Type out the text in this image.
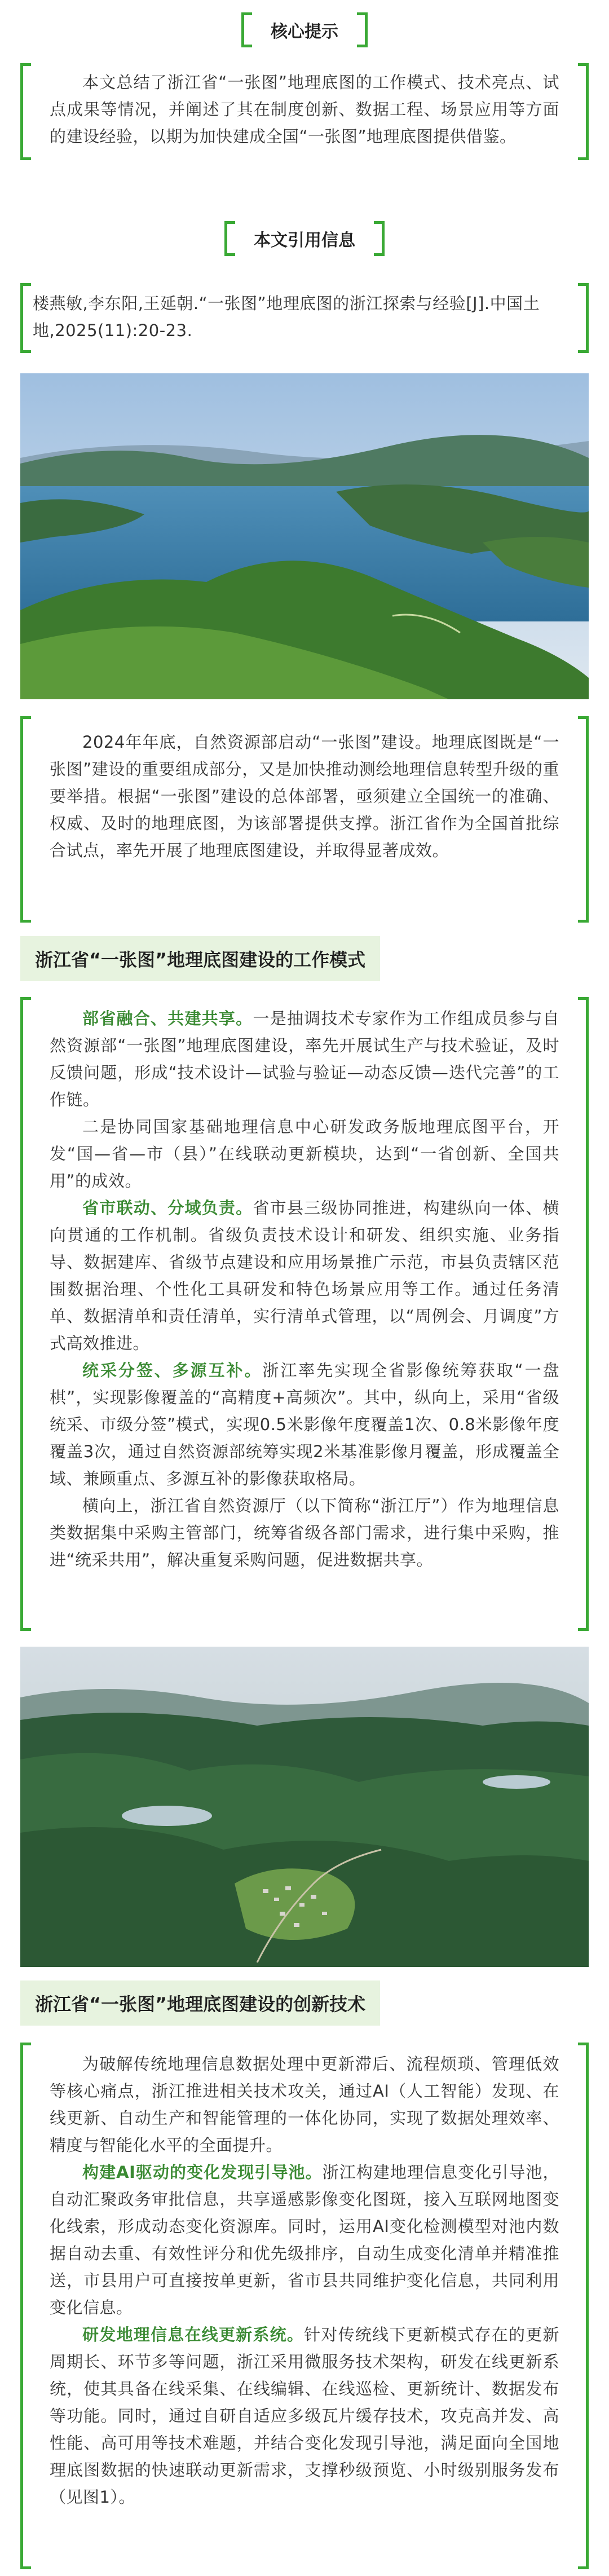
核心提示

本文总结了浙江省“一张图”地理底图的工作模式、技术亮点、试点成果等情况，并阐述了其在制度创新、数据工程、场景应用等方面的建设经验，以期为加快建成全国“一张图”地理底图提供借鉴。

本文引用信息

楼燕敏,李东阳,王延朝.“一张图”地理底图的浙江探索与经验[J].中国土地,2025(11):20-23.

2024年年底，自然资源部启动“一张图”建设。地理底图既是“一张图”建设的重要组成部分，又是加快推动测绘地理信息转型升级的重要举措。根据“一张图”建设的总体部署，亟须建立全国统一的准确、权威、及时的地理底图，为该部署提供支撑。浙江省作为全国首批综合试点，率先开展了地理底图建设，并取得显著成效。

浙江省“一张图”地理底图建设的工作模式

部省融合、共建共享。一是抽调技术专家作为工作组成员参与自然资源部“一张图”地理底图建设，率先开展试生产与技术验证，及时反馈问题，形成“技术设计—试验与验证—动态反馈—迭代完善”的工作链。

二是协同国家基础地理信息中心研发政务版地理底图平台，开发“国—省—市（县）”在线联动更新模块，达到“一省创新、全国共用”的成效。

省市联动、分域负责。省市县三级协同推进，构建纵向一体、横向贯通的工作机制。省级负责技术设计和研发、组织实施、业务指导、数据建库、省级节点建设和应用场景推广示范，市县负责辖区范围数据治理、个性化工具研发和特色场景应用等工作。通过任务清单、数据清单和责任清单，实行清单式管理，以“周例会、月调度”方式高效推进。

统采分签、多源互补。浙江率先实现全省影像统筹获取“一盘棋”，实现影像覆盖的“高精度+高频次”。其中，纵向上，采用“省级统采、市级分签”模式，实现0.5米影像年度覆盖1次、0.8米影像年度覆盖3次，通过自然资源部统筹实现2米基准影像月覆盖，形成覆盖全域、兼顾重点、多源互补的影像获取格局。

横向上，浙江省自然资源厅（以下简称“浙江厅”）作为地理信息类数据集中采购主管部门，统筹省级各部门需求，进行集中采购，推进“统采共用”，解决重复采购问题，促进数据共享。

浙江省“一张图”地理底图建设的创新技术

为破解传统地理信息数据处理中更新滞后、流程烦琐、管理低效等核心痛点，浙江推进相关技术攻关，通过AI（人工智能）发现、在线更新、自动生产和智能管理的一体化协同，实现了数据处理效率、精度与智能化水平的全面提升。

构建AI驱动的变化发现引导池。浙江构建地理信息变化引导池，自动汇聚政务审批信息，共享遥感影像变化图斑，接入互联网地图变化线索，形成动态变化资源库。同时，运用AI变化检测模型对池内数据自动去重、有效性评分和优先级排序，自动生成变化清单并精准推送，市县用户可直接按单更新，省市县共同维护变化信息，共同利用变化信息。

研发地理信息在线更新系统。针对传统线下更新模式存在的更新周期长、环节多等问题，浙江采用微服务技术架构，研发在线更新系统，使其具备在线采集、在线编辑、在线巡检、更新统计、数据发布等功能。同时，通过自研自适应多级瓦片缓存技术，攻克高并发、高性能、高可用等技术难题，并结合变化发现引导池，满足面向全国地理底图数据的快速联动更新需求，支撑秒级预览、小时级别服务发布（见图1）。
